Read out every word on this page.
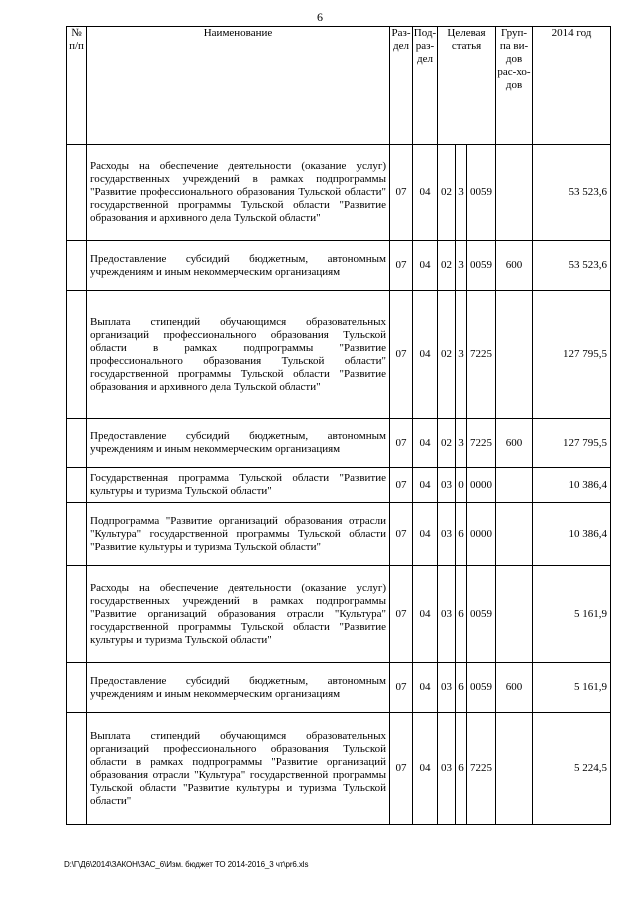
6
№ п/п	Наименование	Раз-дел	Под-раз-дел	Целевая статья			Груп-па ви-дов рас-хо-дов	2014 год
	Расходы на обеспечение деятельности (оказание услуг) государственных учреждений в рамках подпрограммы "Развитие профессионального образования Тульской области" государственной программы Тульской области "Развитие образования и архивного дела Тульской области"	07	04	02	3	0059		53 523,6
	Предоставление субсидий бюджетным, автономным учреждениям и иным некоммерческим организациям	07	04	02	3	0059	600	53 523,6
	Выплата стипендий обучающимся образовательных организаций профессионального образования Тульской области в рамках подпрограммы "Развитие профессионального образования Тульской области" государственной программы Тульской области "Развитие образования и архивного дела Тульской области"	07	04	02	3	7225		127 795,5
	Предоставление субсидий бюджетным, автономным учреждениям и иным некоммерческим организациям	07	04	02	3	7225	600	127 795,5
	Государственная программа Тульской области "Развитие культуры и туризма Тульской области"	07	04	03	0	0000		10 386,4
	Подпрограмма "Развитие организаций образования отрасли "Культура" государственной программы Тульской области "Развитие культуры и туризма Тульской области"	07	04	03	6	0000		10 386,4
	Расходы на обеспечение деятельности (оказание услуг) государственных учреждений в рамках подпрограммы "Развитие организаций образования отрасли "Культура" государственной программы Тульской области "Развитие культуры и туризма Тульской области"	07	04	03	6	0059		5 161,9
	Предоставление субсидий бюджетным, автономным учреждениям и иным некоммерческим организациям	07	04	03	6	0059	600	5 161,9
	Выплата стипендий обучающимся образовательных организаций профессионального образования Тульской области в рамках подпрограммы "Развитие организаций образования отрасли "Культура" государственной программы Тульской области "Развитие культуры и туризма Тульской области"	07	04	03	6	7225		5 224,5
D:\Г\Д6\2014\ЗАКОН\ЗАС_6\Изм. бюджет ТО 2014-2016_3 чт\pr6.xls
